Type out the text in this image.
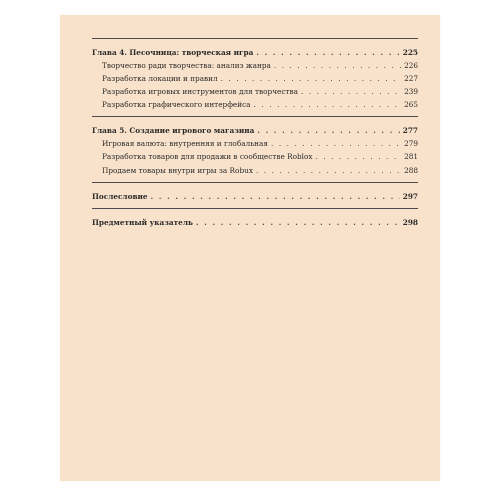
Глава 4. Песочница: творческая игра . . .	225
Творчество ради творчества: анализ жанра . . .	226
Разработка локации и правил . . .	227
Разработка игровых инструментов для творчества . . .	239
Разработка графического интерфейса . . .	265
Глава 5. Создание игрового магазина . . .	277
Игровая валюта: внутренняя и глобальная . . .	279
Разработка товаров для продажи в сообществе Roblox . . .	281
Продаем товары внутри игры за Robux . . .	288
Послесловие . . .	297
Предметный указатель . . .	298
